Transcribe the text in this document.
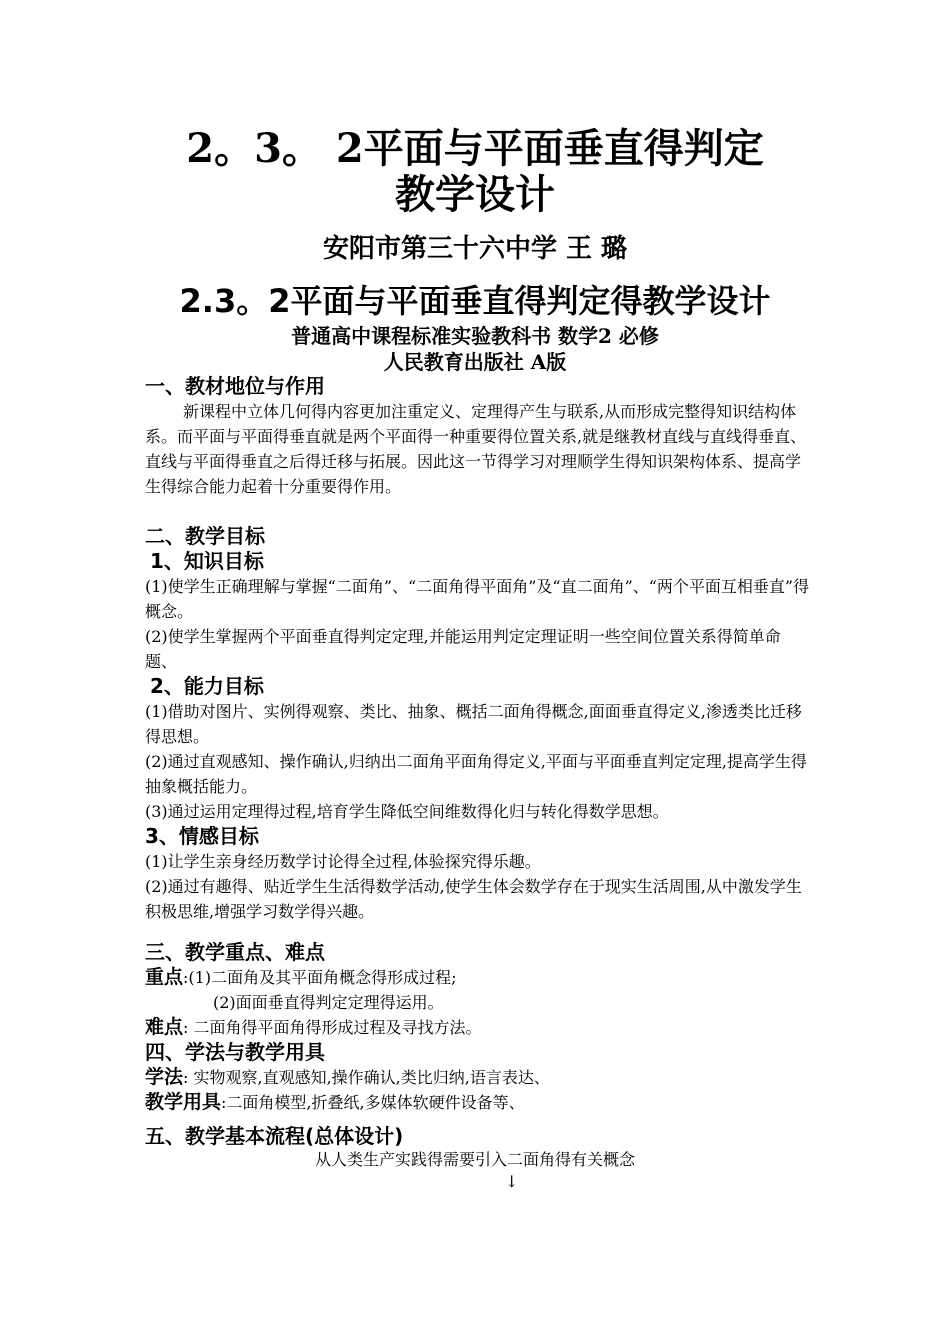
2。3。 2平面与平面垂直得判定
教学设计
安阳市第三十六中学 王 璐
2.3。2平面与平面垂直得判定得教学设计
普通高中课程标准实验教科书 数学2 必修
人民教育出版社 A版
一、教材地位与作用
新课程中立体几何得内容更加注重定义、定理得产生与联系,从而形成完整得知识结构体系。而平面与平面得垂直就是两个平面得一种重要得位置关系,就是继教材直线与直线得垂直、直线与平面得垂直之后得迁移与拓展。因此这一节得学习对理顺学生得知识架构体系、提高学生得综合能力起着十分重要得作用。
二、教学目标
1、知识目标
(1)使学生正确理解与掌握“二面角”、“二面角得平面角”及“直二面角”、“两个平面互相垂直”得概念。
(2)使学生掌握两个平面垂直得判定定理,并能运用判定定理证明一些空间位置关系得简单命题、
2、能力目标
(1)借助对图片、实例得观察、类比、抽象、概括二面角得概念,面面垂直得定义,渗透类比迁移得思想。
(2)通过直观感知、操作确认,归纳出二面角平面角得定义,平面与平面垂直判定定理,提高学生得抽象概括能力。
(3)通过运用定理得过程,培育学生降低空间维数得化归与转化得数学思想。
3、情感目标
(1)让学生亲身经历数学讨论得全过程,体验探究得乐趣。
(2)通过有趣得、贴近学生生活得数学活动,使学生体会数学存在于现实生活周围,从中激发学生积极思维,增强学习数学得兴趣。
三、教学重点、难点
重点:(1)二面角及其平面角概念得形成过程;
(2)面面垂直得判定定理得运用。
难点: 二面角得平面角得形成过程及寻找方法。
四、学法与教学用具
学法: 实物观察,直观感知,操作确认,类比归纳,语言表达、
教学用具:二面角模型,折叠纸,多媒体软硬件设备等、
五、教学基本流程(总体设计)
从人类生产实践得需要引入二面角得有关概念
↓
